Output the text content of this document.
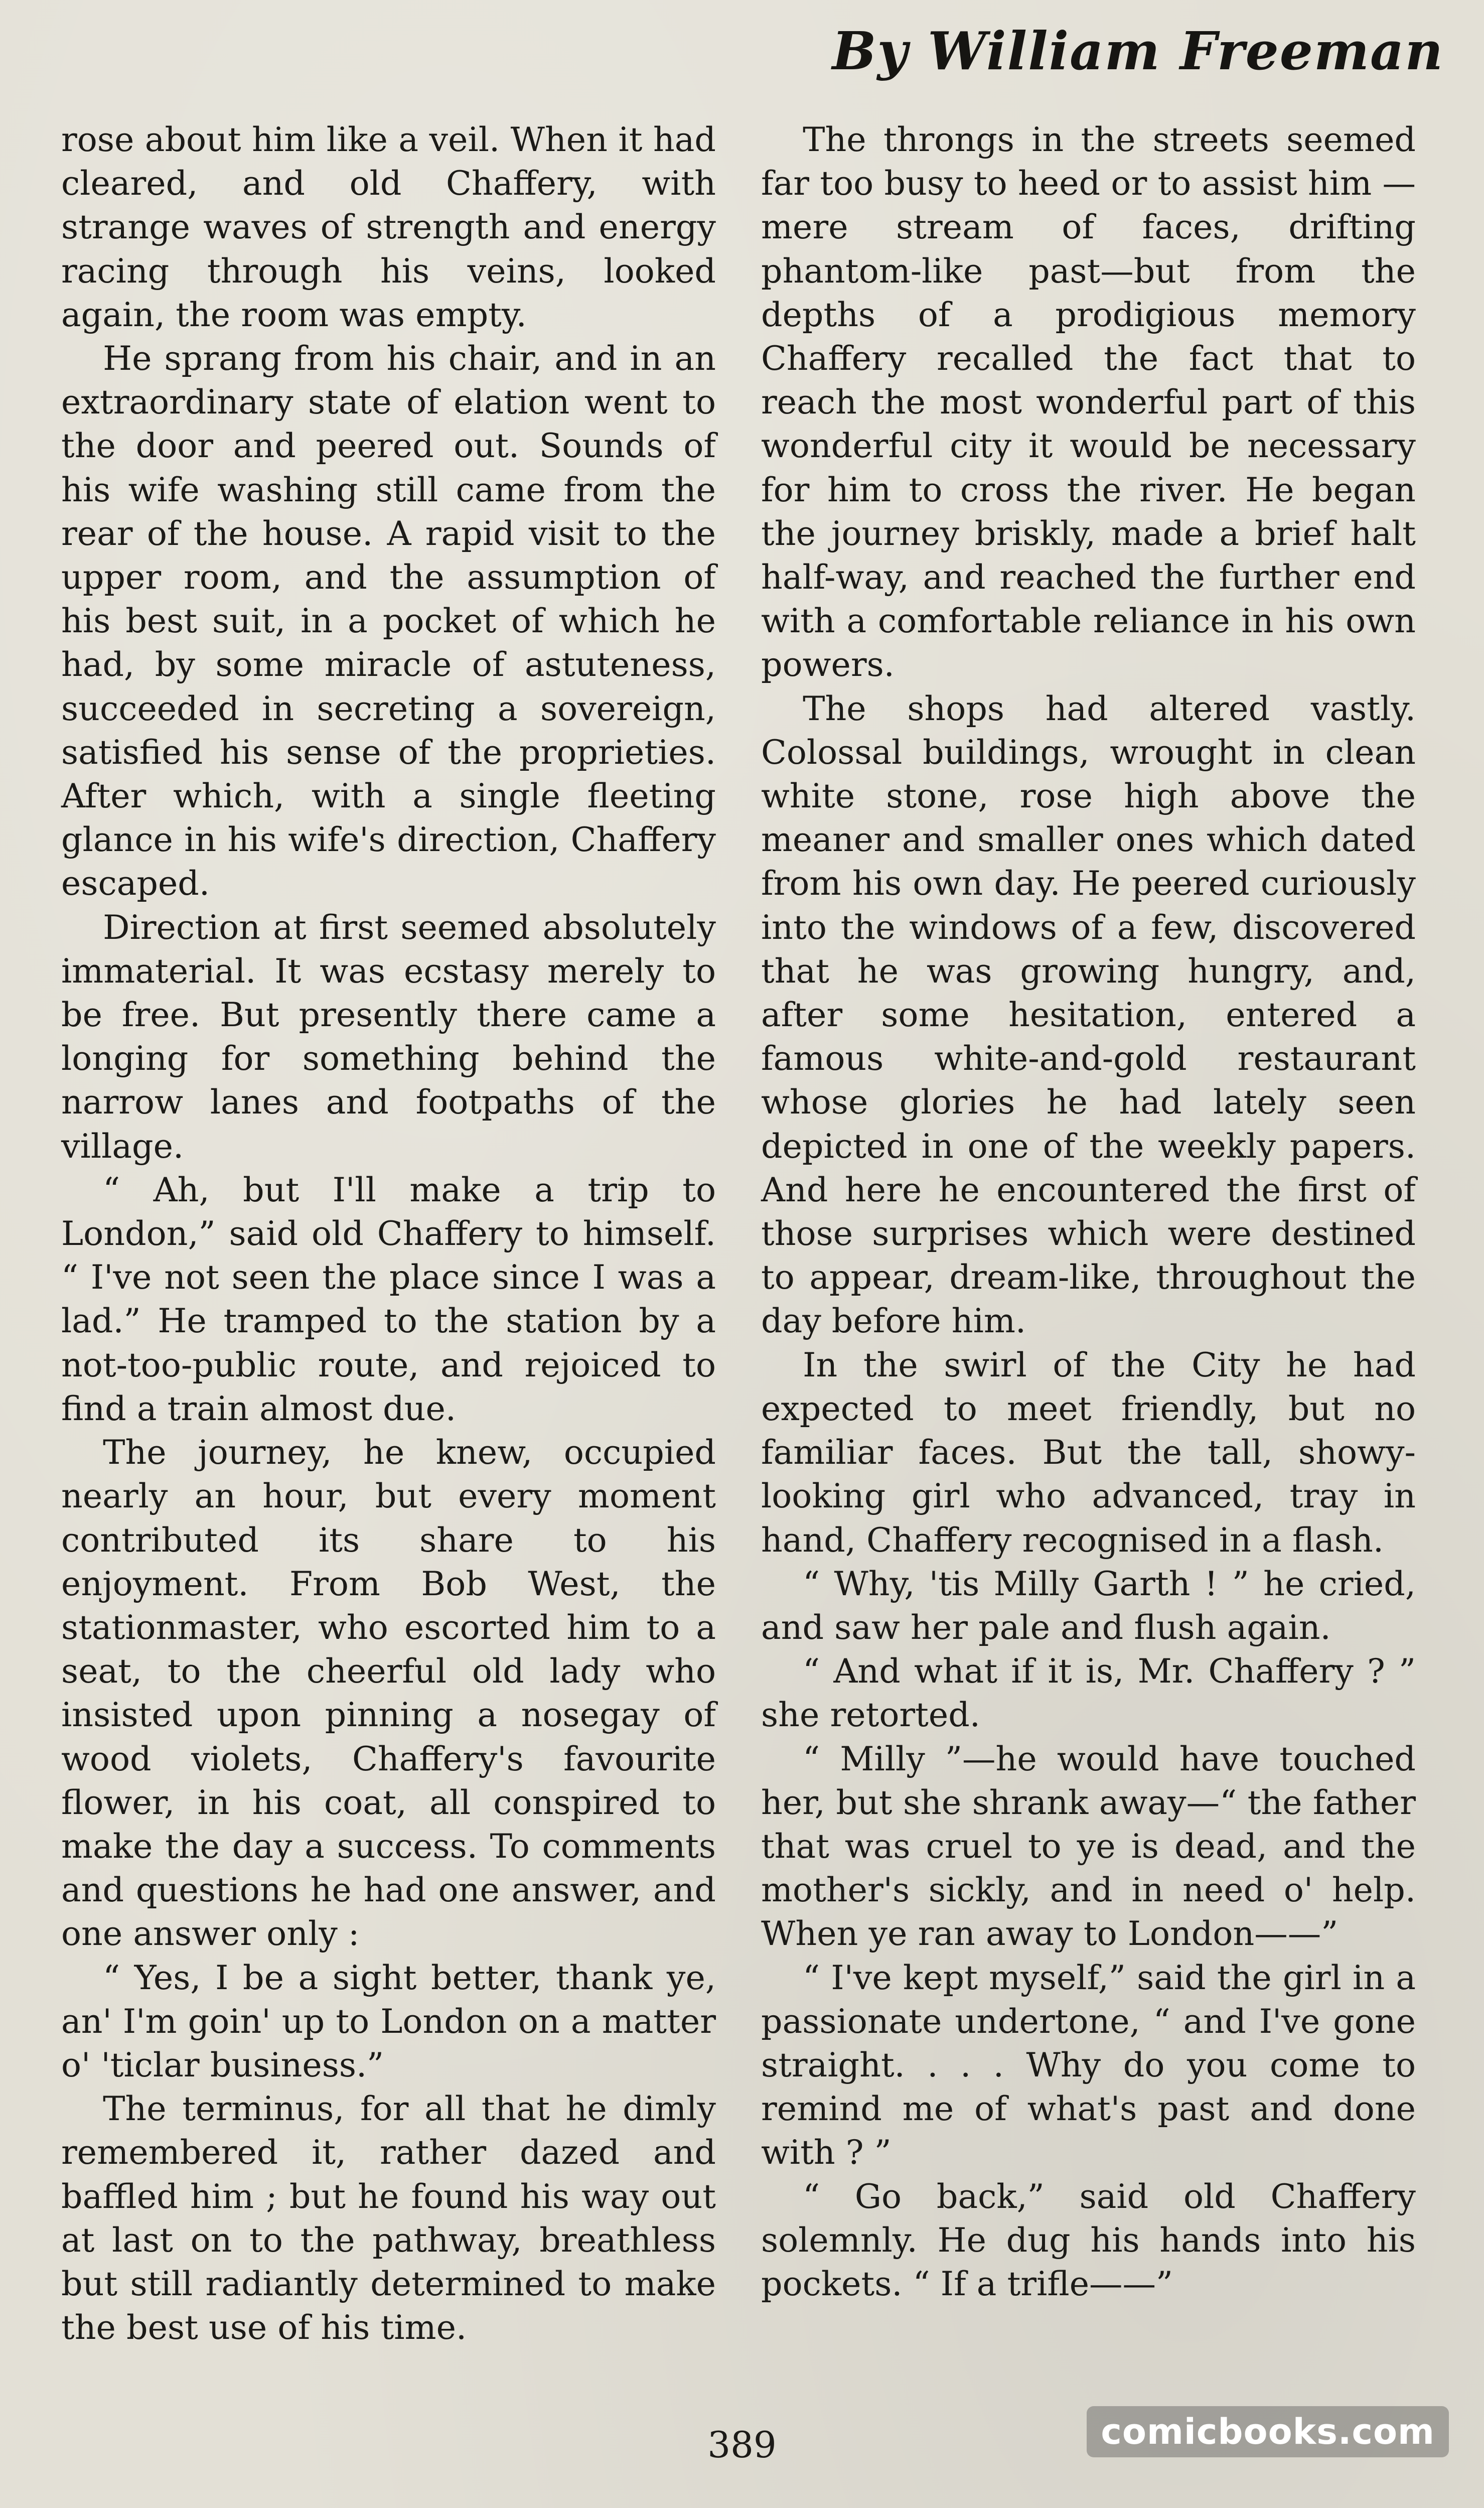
By William Freeman

rose about him like a veil. When it had cleared, and old Chaffery, with strange waves of strength and energy racing through his veins, looked again, the room was empty.

He sprang from his chair, and in an extraordinary state of elation went to the door and peered out. Sounds of his wife washing still came from the rear of the house. A rapid visit to the upper room, and the assumption of his best suit, in a pocket of which he had, by some miracle of astuteness, succeeded in secreting a sovereign, satisfied his sense of the proprieties. After which, with a single fleeting glance in his wife's direction, Chaffery escaped.

Direction at first seemed absolutely immaterial. It was ecstasy merely to be free. But presently there came a longing for something behind the narrow lanes and footpaths of the village.

“ Ah, but I'll make a trip to London,” said old Chaffery to himself. “ I've not seen the place since I was a lad.” He tramped to the station by a not-too-public route, and rejoiced to find a train almost due.

The journey, he knew, occupied nearly an hour, but every moment contributed its share to his enjoyment. From Bob West, the stationmaster, who escorted him to a seat, to the cheerful old lady who insisted upon pinning a nosegay of wood violets, Chaffery's favourite flower, in his coat, all conspired to make the day a success. To comments and questions he had one answer, and one answer only :

“ Yes, I be a sight better, thank ye, an' I'm goin' up to London on a matter o' 'ticlar business.”

The terminus, for all that he dimly remembered it, rather dazed and baffled him ; but he found his way out at last on to the pathway, breathless but still radiantly determined to make the best use of his time.

The throngs in the streets seemed far too busy to heed or to assist him — mere stream of faces, drifting phantom-like past—but from the depths of a prodigious memory Chaffery recalled the fact that to reach the most wonderful part of this wonderful city it would be necessary for him to cross the river. He began the journey briskly, made a brief halt half-way, and reached the further end with a comfortable reliance in his own powers.

The shops had altered vastly. Colossal buildings, wrought in clean white stone, rose high above the meaner and smaller ones which dated from his own day. He peered curiously into the windows of a few, discovered that he was growing hungry, and, after some hesitation, entered a famous white-and-gold restaurant whose glories he had lately seen depicted in one of the weekly papers. And here he encountered the first of those surprises which were destined to appear, dream-like, throughout the day before him.

In the swirl of the City he had expected to meet friendly, but no familiar faces. But the tall, showy-looking girl who advanced, tray in hand, Chaffery recognised in a flash.

“ Why, 'tis Milly Garth ! ” he cried, and saw her pale and flush again.

“ And what if it is, Mr. Chaffery ? ” she retorted.

“ Milly ”—he would have touched her, but she shrank away—“ the father that was cruel to ye is dead, and the mother's sickly, and in need o' help. When ye ran away to London——”

“ I've kept myself,” said the girl in a passionate undertone, “ and I've gone straight. . . . Why do you come to remind me of what's past and done with ? ”

“ Go back,” said old Chaffery solemnly. He dug his hands into his pockets. “ If a trifle——”

389	comicbooks.com
